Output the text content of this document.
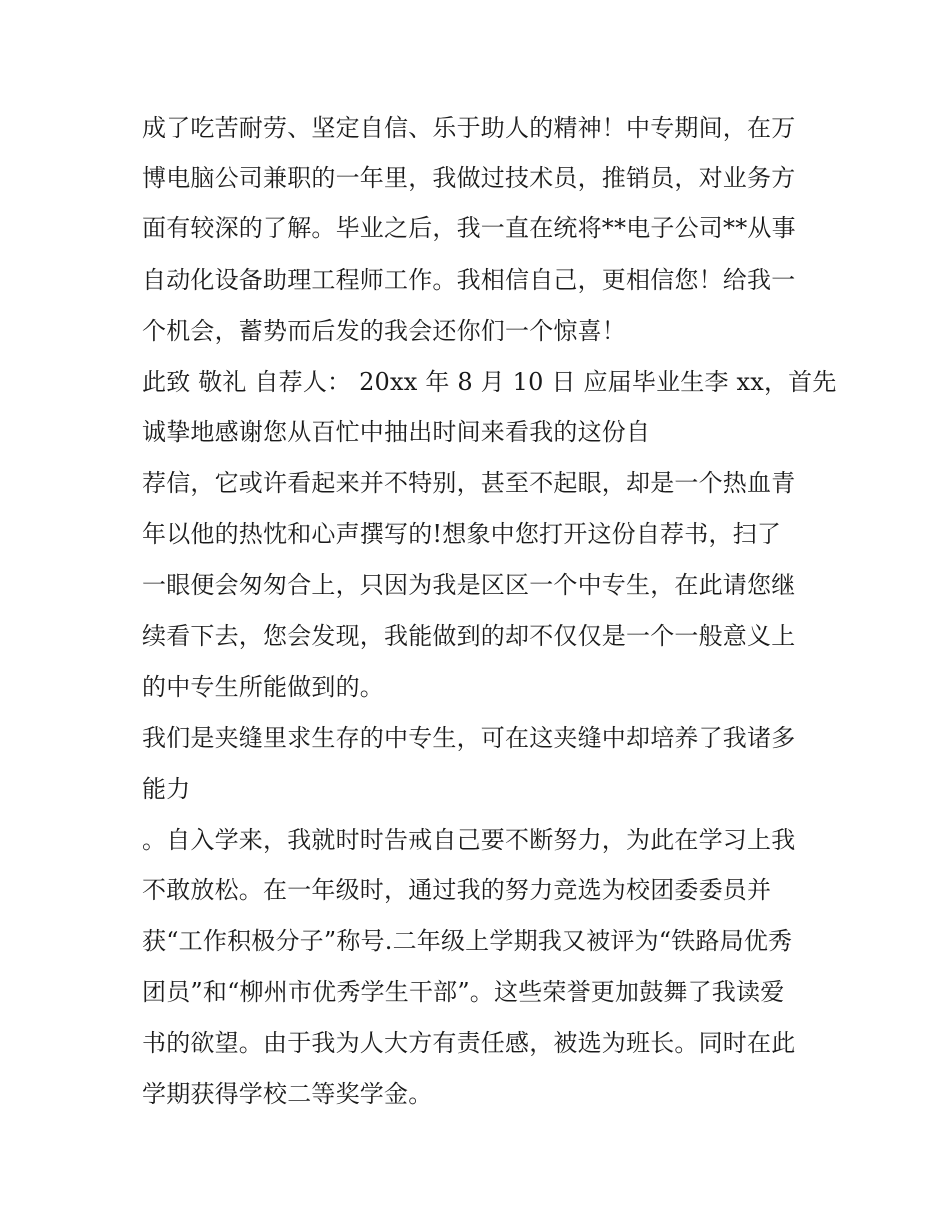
成了吃苦耐劳、坚定自信、乐于助人的精神！中专期间，在万

博电脑公司兼职的一年里，我做过技术员，推销员，对业务方

面有较深的了解。毕业之后，我一直在统将**电子公司**从事

自动化设备助理工程师工作。我相信自己，更相信您！给我一

个机会，蓄势而后发的我会还你们一个惊喜！

此致 敬礼 自荐人： 20xx 年 8 月 10 日 应届毕业生李 xx，首先

诚挚地感谢您从百忙中抽出时间来看我的这份自

荐信，它或许看起来并不特别，甚至不起眼，却是一个热血青

年以他的热忱和心声撰写的!想象中您打开这份自荐书，扫了

一眼便会匆匆合上，只因为我是区区一个中专生，在此请您继

续看下去，您会发现，我能做到的却不仅仅是一个一般意义上

的中专生所能做到的。

我们是夹缝里求生存的中专生，可在这夹缝中却培养了我诸多

能力

。自入学来，我就时时告戒自己要不断努力，为此在学习上我

不敢放松。在一年级时，通过我的努力竞选为校团委委员并

获“工作积极分子”称号.二年级上学期我又被评为“铁路局优秀

团员”和“柳州市优秀学生干部”。这些荣誉更加鼓舞了我读爱

书的欲望。由于我为人大方有责任感，被选为班长。同时在此

学期获得学校二等奖学金。
